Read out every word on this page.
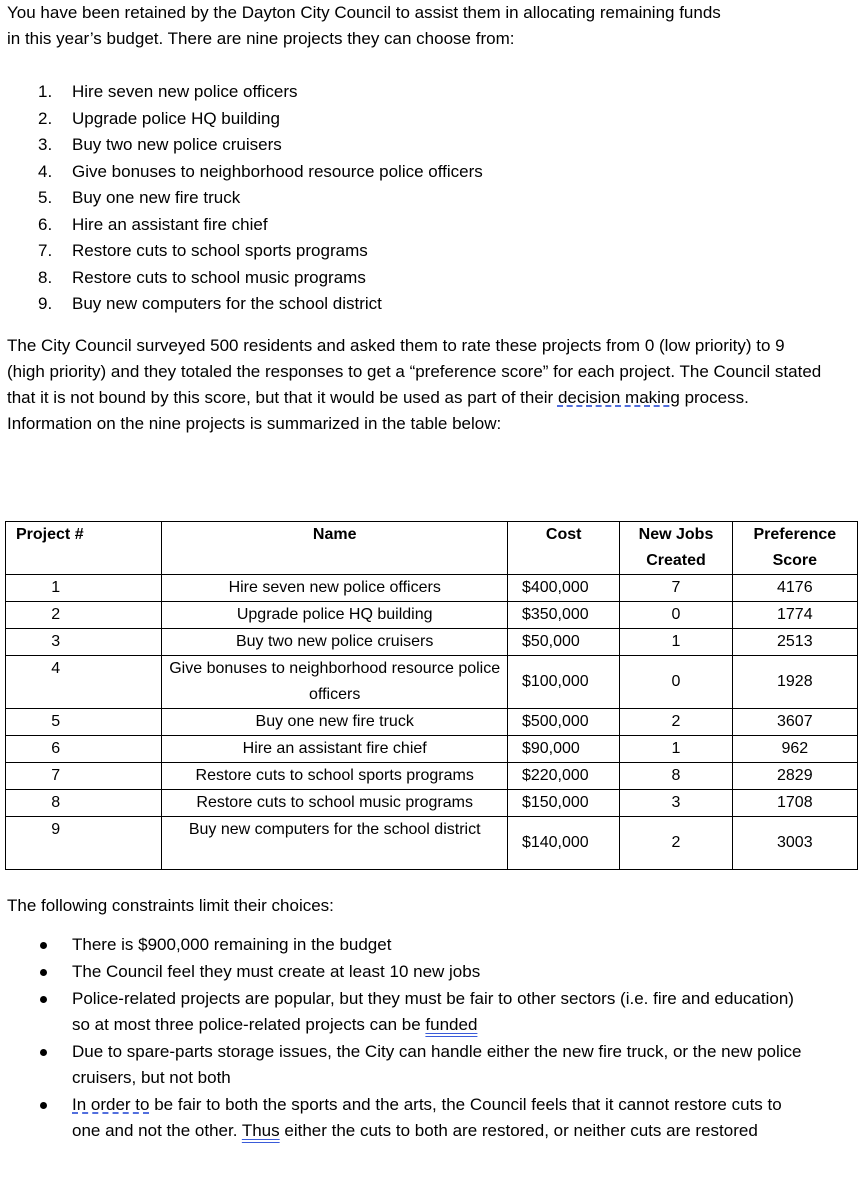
You have been retained by the Dayton City Council to assist them in allocating remaining funds
in this year’s budget. There are nine projects they can choose from:

1. Hire seven new police officers
2. Upgrade police HQ building
3. Buy two new police cruisers
4. Give bonuses to neighborhood resource police officers
5. Buy one new fire truck
6. Hire an assistant fire chief
7. Restore cuts to school sports programs
8. Restore cuts to school music programs
9. Buy new computers for the school district

The City Council surveyed 500 residents and asked them to rate these projects from 0 (low priority) to 9 (high priority) and they totaled the responses to get a “preference score” for each project. The Council stated that it is not bound by this score, but that it would be used as part of their decision making process. Information on the nine projects is summarized in the table below:

Project #	Name	Cost	New Jobs Created	Preference Score
1	Hire seven new police officers	$400,000	7	4176
2	Upgrade police HQ building	$350,000	0	1774
3	Buy two new police cruisers	$50,000	1	2513
4	Give bonuses to neighborhood resource police officers	$100,000	0	1928
5	Buy one new fire truck	$500,000	2	3607
6	Hire an assistant fire chief	$90,000	1	962
7	Restore cuts to school sports programs	$220,000	8	2829
8	Restore cuts to school music programs	$150,000	3	1708
9	Buy new computers for the school district	$140,000	2	3003

The following constraints limit their choices:

There is $900,000 remaining in the budget
The Council feel they must create at least 10 new jobs
Police-related projects are popular, but they must be fair to other sectors (i.e. fire and education) so at most three police-related projects can be funded
Due to spare-parts storage issues, the City can handle either the new fire truck, or the new police cruisers, but not both
In order to be fair to both the sports and the arts, the Council feels that it cannot restore cuts to one and not the other. Thus either the cuts to both are restored, or neither cuts are restored
